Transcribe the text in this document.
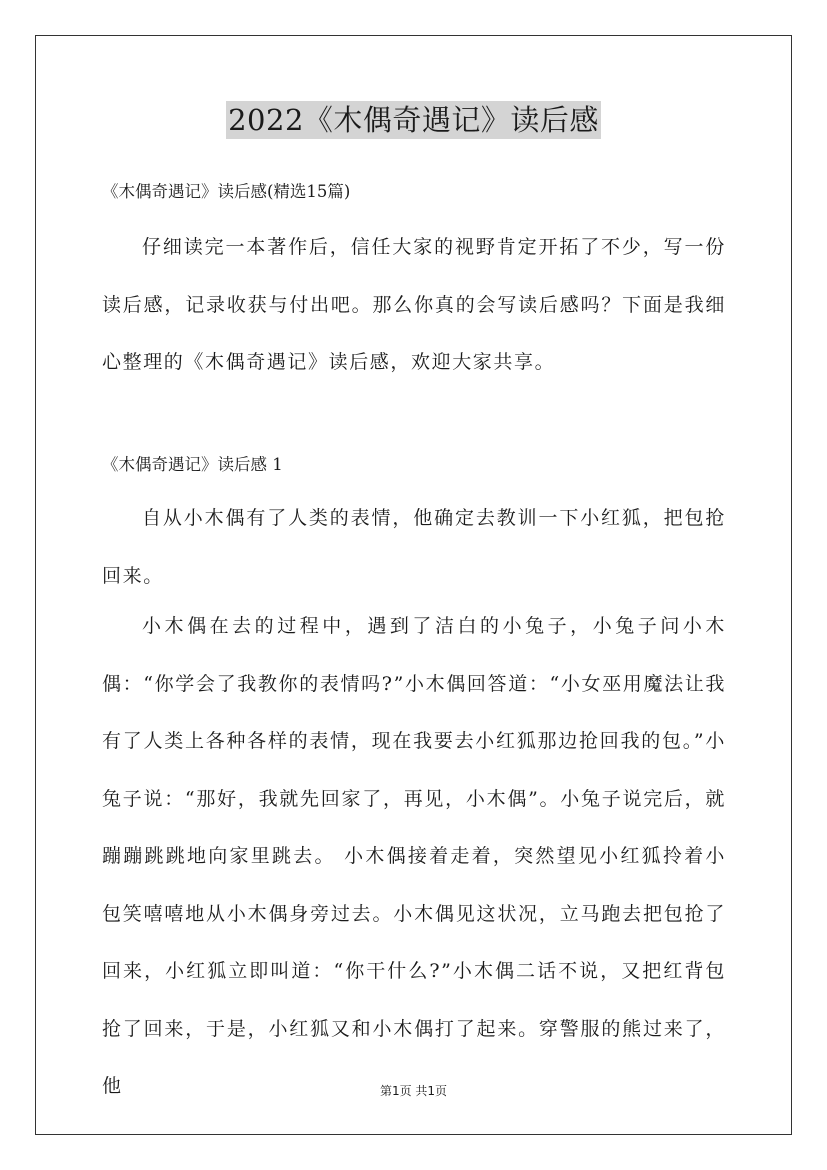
2022《木偶奇遇记》读后感
《木偶奇遇记》读后感(精选15篇)

仔细读完一本著作后，信任大家的视野肯定开拓了不少，写一份读后感，记录收获与付出吧。那么你真的会写读后感吗？下面是我细心整理的《木偶奇遇记》读后感，欢迎大家共享。

《木偶奇遇记》读后感 1

自从小木偶有了人类的表情，他确定去教训一下小红狐，把包抢回来。

小木偶在去的过程中，遇到了洁白的小兔子，小兔子问小木偶：“你学会了我教你的表情吗?”小木偶回答道：“小女巫用魔法让我有了人类上各种各样的表情，现在我要去小红狐那边抢回我的包。”小兔子说：“那好，我就先回家了，再见，小木偶”。小兔子说完后，就蹦蹦跳跳地向家里跳去。 小木偶接着走着，突然望见小红狐拎着小包笑嘻嘻地从小木偶身旁过去。小木偶见这状况，立马跑去把包抢了回来，小红狐立即叫道：“你干什么?”小木偶二话不说，又把红背包抢了回来，于是，小红狐又和小木偶打了起来。穿警服的熊过来了，他	第1页 共1页
